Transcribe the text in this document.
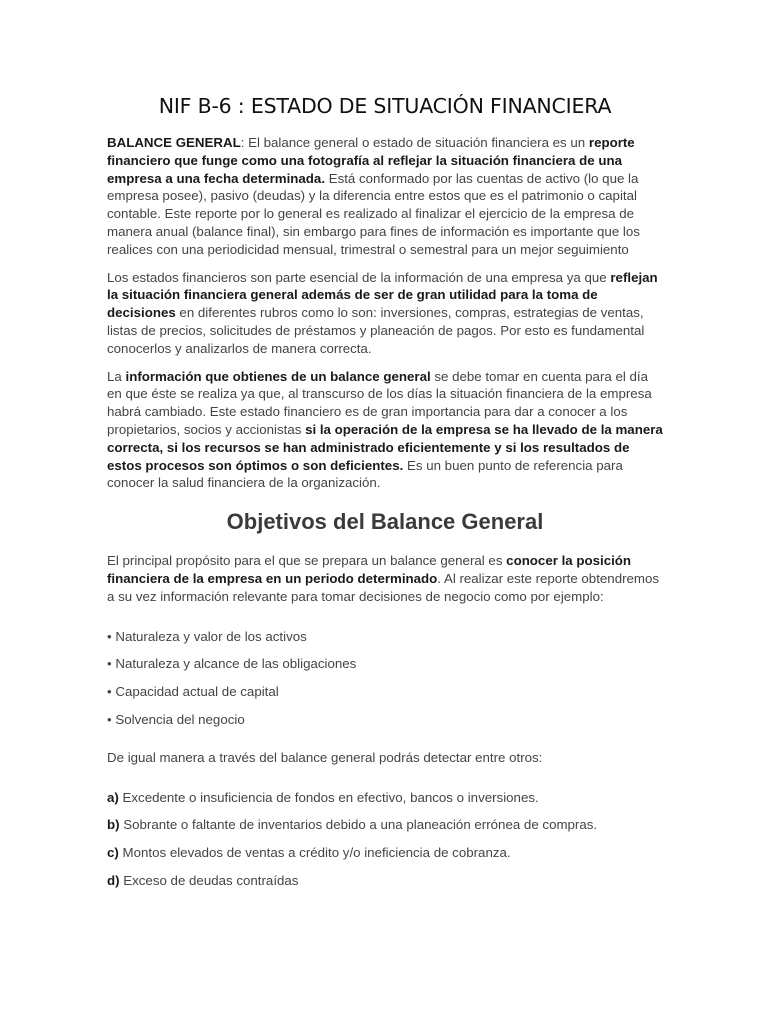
NIF B-6 : ESTADO DE SITUACIÓN FINANCIERA

BALANCE GENERAL: El balance general o estado de situación financiera es un reporte financiero que funge como una fotografía al reflejar la situación financiera de una empresa a una fecha determinada. Está conformado por las cuentas de activo (lo que la empresa posee), pasivo (deudas) y la diferencia entre estos que es el patrimonio o capital contable. Este reporte por lo general es realizado al finalizar el ejercicio de la empresa de manera anual (balance final), sin embargo para fines de información es importante que los realices con una periodicidad mensual, trimestral o semestral para un mejor seguimiento

Los estados financieros son parte esencial de la información de una empresa ya que reflejan la situación financiera general además de ser de gran utilidad para la toma de decisiones en diferentes rubros como lo son: inversiones, compras, estrategias de ventas, listas de precios, solicitudes de préstamos y planeación de pagos. Por esto es fundamental conocerlos y analizarlos de manera correcta.

La información que obtienes de un balance general se debe tomar en cuenta para el día en que éste se realiza ya que, al transcurso de los días la situación financiera de la empresa habrá cambiado. Este estado financiero es de gran importancia para dar a conocer a los propietarios, socios y accionistas si la operación de la empresa se ha llevado de la manera correcta, si los recursos se han administrado eficientemente y si los resultados de estos procesos son óptimos o son deficientes. Es un buen punto de referencia para conocer la salud financiera de la organización.

Objetivos del Balance General

El principal propósito para el que se prepara un balance general es conocer la posición financiera de la empresa en un periodo determinado. Al realizar este reporte obtendremos a su vez información relevante para tomar decisiones de negocio como por ejemplo:

• Naturaleza y valor de los activos
• Naturaleza y alcance de las obligaciones
• Capacidad actual de capital
• Solvencia del negocio
De igual manera a través del balance general podrás detectar entre otros:
a) Excedente o insuficiencia de fondos en efectivo, bancos o inversiones.
b) Sobrante o faltante de inventarios debido a una planeación errónea de compras.
c) Montos elevados de ventas a crédito y/o ineficiencia de cobranza.
d) Exceso de deudas contraídas
